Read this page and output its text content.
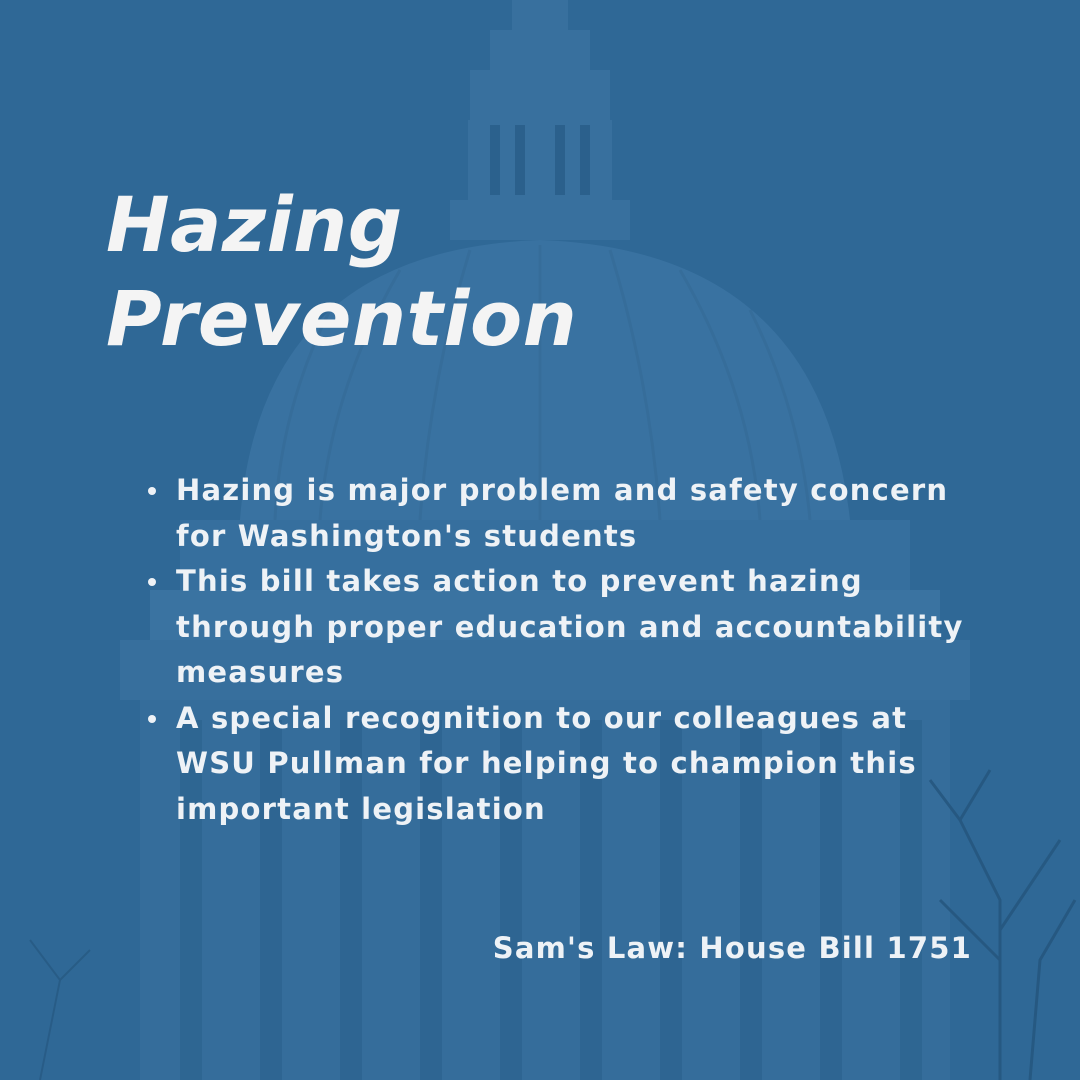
Hazing
Prevention
Hazing is major problem and safety concern for Washington's students
This bill takes action to prevent hazing through proper education and accountability measures
A special recognition to our colleagues at WSU Pullman for helping to champion this important legislation

Sam's Law: House Bill 1751
